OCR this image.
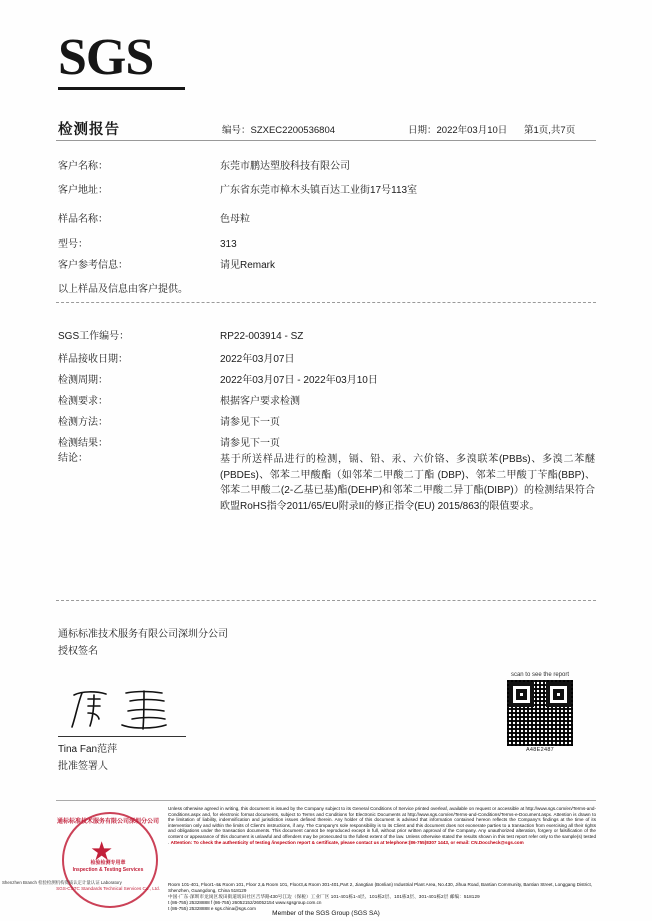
SGS
检测报告	编号：SZXEC2200536804	日期：2022年03月10日 第1页,共7页
客户名称：	东莞市鹏达塑胶科技有限公司
客户地址：	广东省东莞市樟木头镇百达工业街17号113室
样品名称：	色母粒
型号：	313
客户参考信息：	请见Remark
以上样品及信息由客户提供。
SGS工作编号：	RP22-003914 - SZ
样品接收日期：	2022年03月07日
检测周期：	2022年03月07日 - 2022年03月10日
检测要求：	根据客户要求检测
检测方法：	请参见下一页
检测结果：	请参见下一页
结论：	基于所送样品进行的检测，镉、铅、汞、六价铬、多溴联苯(PBBs)、多溴二苯醚(PBDEs)、邻苯二甲酸酯（如邻苯二甲酸二丁酯 (DBP)、邻苯二甲酸丁苄酯(BBP)、邻苯二甲酸二(2-乙基已基)酯(DEHP)和邻苯二甲酸二异丁酯(DIBP)）的检测结果符合欧盟RoHS指令2011/65/EU附录II的修正指令(EU) 2015/863的限值要求。
通标标准技术服务有限公司深圳分公司
授权签名
Tina Fan范萍
批准签署人
scan to see the report
A48E2487
Unless otherwise agreed in writing, this document is issued by the Company subject to its General Conditions of Service printed overleaf, available on request or accessible at http://www.sgs.com/en/Terms-and-Conditions.aspx and, for electronic format documents, subject to Terms and Conditions for Electronic Documents at http://www.sgs.com/en/Terms-and-Conditions/Terms-e-Document.aspx. Attention is drawn to the limitation of liability, indemnification and jurisdiction issues defined therein. Any holder of this document is advised that information contained hereon reflects the Company's findings at the time of its intervention only and within the limits of Client's instructions, if any. The Company's sole responsibility is to its Client and this document does not exonerate parties to a transaction from exercising all their rights and obligations under the transaction documents. This document cannot be reproduced except in full, without prior written approval of the Company. Any unauthorized alteration, forgery or falsification of the content or appearance of this document is unlawful and offenders may be prosecuted to the fullest extent of the law. Unless otherwise stated the results shown in this test report refer only to the sample(s) tested . Attention: To check the authenticity of testing /inspection report & certificate, please contact us at telephone:(86-755)8307 1443, or email: CN.Doccheck@sgs.com
Room 101-401, Floor1-4& Room 101, Floor 2,& Room 101, Floor3,& Room 301-401,Part 2, Jiangtian (Bonlian) Industrial Plant Area, No.430, Jihua Road, Bantian Community, Bantian Street, Longgang District, Shenzhen, Guangdong, China 518129
中国·广东·深圳市龙岗区坂田街道坂田社区吉华路430号江边（保税）工业厂区 101-401栋1-4层、101栋2层、101栋3层、301-401栋2层 邮编：518129
t (86-755) 25328888 f (86-755) 26052152/26052154 www.sgsgroup.com.cn
t (86-755) 25328888 e sgs.china@sgs.com
Member of the SGS Group (SGS SA)
通标标准技术服务有限公司深圳分公司
检验检测专用章
Inspection & Testing Services
SGS-CSTC Standards Technical Services Co., Ltd.
Shenzhen Branch 检验检测机构资质认定计量认证 Laboratory
